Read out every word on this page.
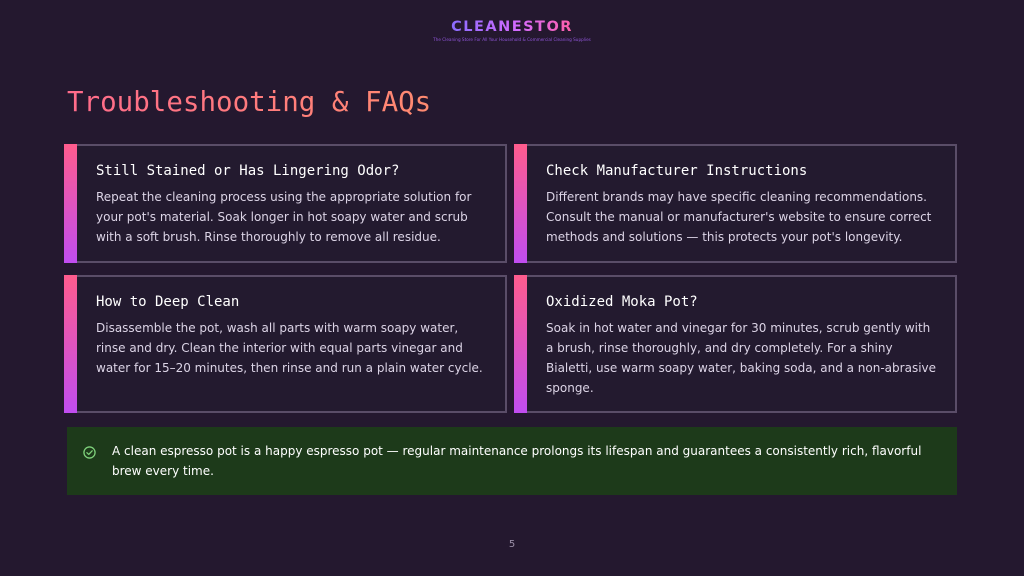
CLEANESTOR
The Cleaning Store For All Your Household & Commercial Cleaning Supplies
Troubleshooting & FAQs
Still Stained or Has Lingering Odor?

Repeat the cleaning process using the appropriate solution for your pot's material. Soak longer in hot soapy water and scrub with a soft brush. Rinse thoroughly to remove all residue.

Check Manufacturer Instructions

Different brands may have specific cleaning recommendations. Consult the manual or manufacturer's website to ensure correct methods and solutions — this protects your pot's longevity.

How to Deep Clean

Disassemble the pot, wash all parts with warm soapy water, rinse and dry. Clean the interior with equal parts vinegar and water for 15–20 minutes, then rinse and run a plain water cycle.

Oxidized Moka Pot?

Soak in hot water and vinegar for 30 minutes, scrub gently with a brush, rinse thoroughly, and dry completely. For a shiny Bialetti, use warm soapy water, baking soda, and a non-abrasive sponge.

A clean espresso pot is a happy espresso pot — regular maintenance prolongs its lifespan and guarantees a consistently rich, flavorful brew every time.

5
